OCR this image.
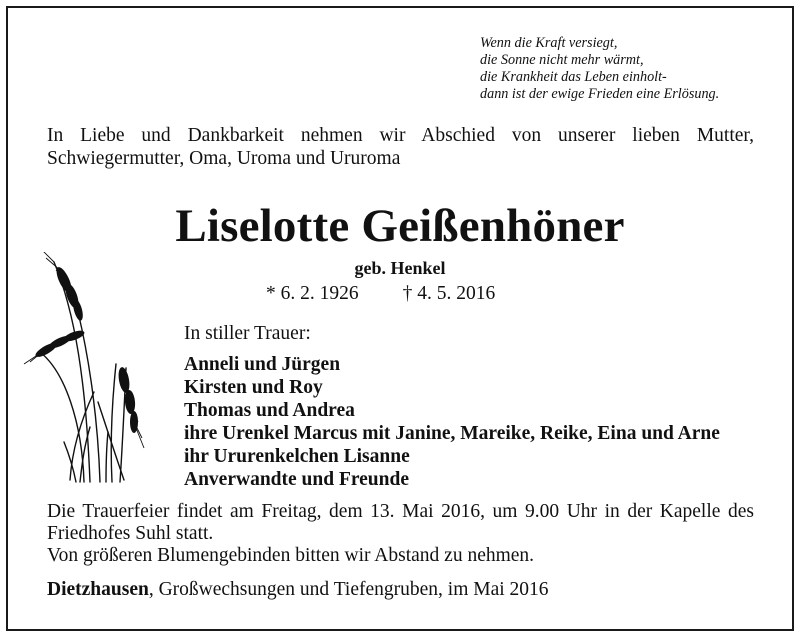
Wenn die Kraft versiegt,
die Sonne nicht mehr wärmt,
die Krankheit das Leben einholt-
dann ist der ewige Frieden eine Erlösung.
In Liebe und Dankbarkeit nehmen wir Abschied von unserer lieben Mutter,
Schwiegermutter, Oma, Uroma und Ururoma
Liselotte Geißenhöner
geb. Henkel
* 6. 2. 1926 † 4. 5. 2016
In stiller Trauer:
Anneli und Jürgen
Kirsten und Roy
Thomas und Andrea
ihre Urenkel Marcus mit Janine, Mareike, Reike, Eina und Arne
ihr Ururenkelchen Lisanne
Anverwandte und Freunde
Die Trauerfeier findet am Freitag, dem 13. Mai 2016, um 9.00 Uhr in der Kapelle des
Friedhofes Suhl statt.
Von größeren Blumengebinden bitten wir Abstand zu nehmen.
Dietzhausen, Großwechsungen und Tiefengruben, im Mai 2016
